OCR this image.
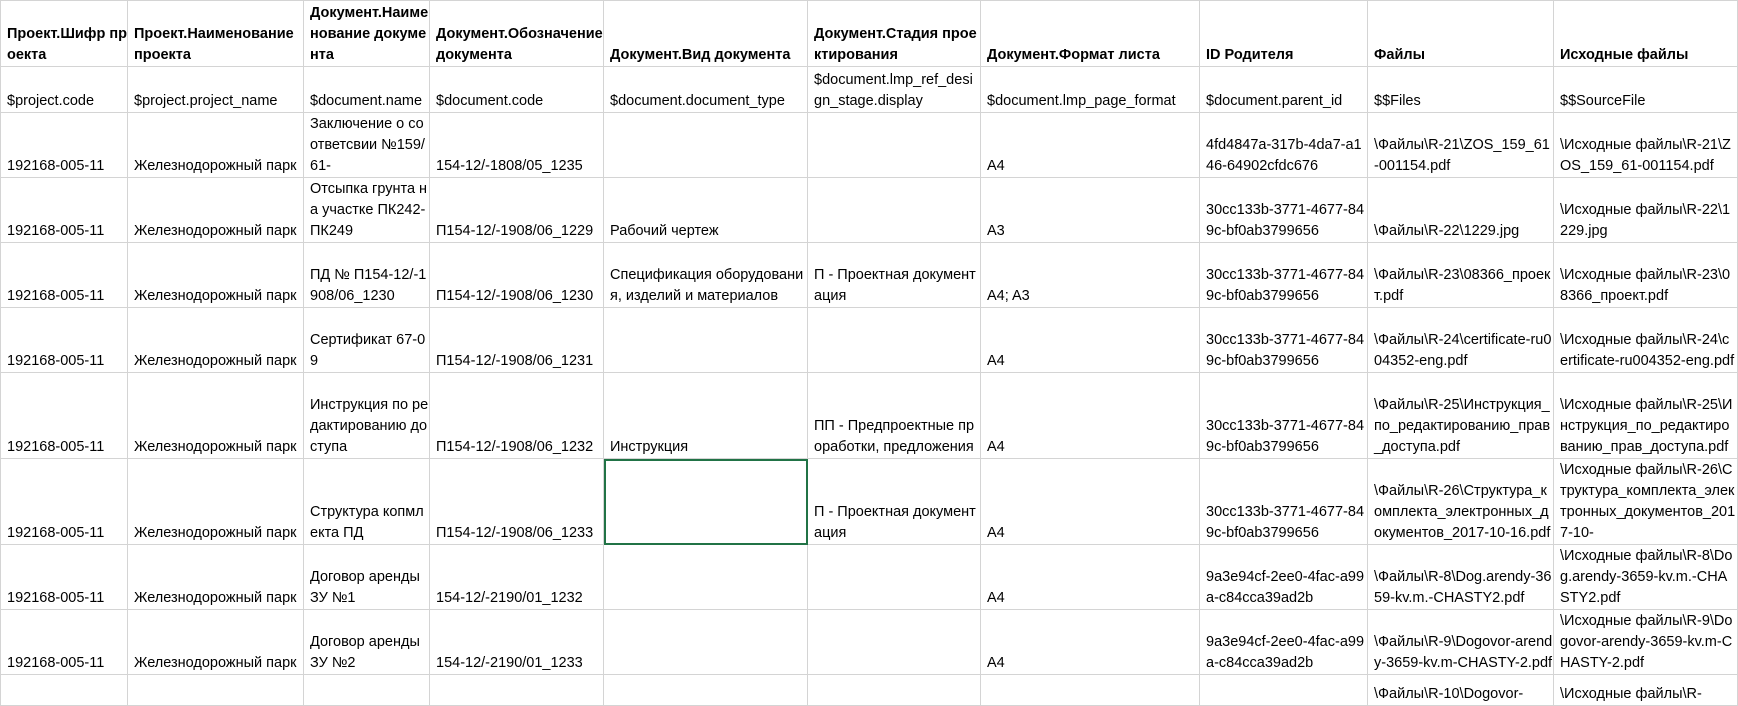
Проект.Шифр проекта	Проект.Наименование проекта	Документ.Наименование документа	Документ.Обозначение документа	Документ.Вид документа	Документ.Стадия проектирования	Документ.Формат листа	ID Родителя	Файлы	Исходные файлы

$project.code	$project.project_name	$document.name	$document.code	$document.document_type	$document.lmp_ref_design_stage.display	$document.lmp_page_format	$document.parent_id	$$Files	$$SourceFile

192168-005-11	Железнодорожный парк	Заключение о соответсвии №159/61-	154-12/-1808/05_1235			A4	4fd4847a-317b-4da7-a146-64902cfdc676	\Файлы\R-21\ZOS_159_61-001154.pdf	\Исходные файлы\R-21\ZOS_159_61-001154.pdf

192168-005-11	Железнодорожный парк	Отсыпка грунта на участке ПК242-ПК249	П154-12/-1908/06_1229	Рабочий чертеж		A3	30cc133b-3771-4677-849c-bf0ab3799656	\Файлы\R-22\1229.jpg	\Исходные файлы\R-22\1229.jpg

192168-005-11	Железнодорожный парк	ПД № П154-12/-1908/06_1230	П154-12/-1908/06_1230	Спецификация оборудования, изделий и материалов	П - Проектная документация	A4; A3	30cc133b-3771-4677-849c-bf0ab3799656	\Файлы\R-23\08366_проект.pdf	\Исходные файлы\R-23\08366_проект.pdf

192168-005-11	Железнодорожный парк	Сертификат 67-09	П154-12/-1908/06_1231			A4	30cc133b-3771-4677-849c-bf0ab3799656	\Файлы\R-24\certificate-ru004352-eng.pdf	\Исходные файлы\R-24\certificate-ru004352-eng.pdf

192168-005-11	Железнодорожный парк	Инструкция по редактированию доступа	П154-12/-1908/06_1232	Инструкция	ПП - Предпроектные проработки, предложения	A4	30cc133b-3771-4677-849c-bf0ab3799656	\Файлы\R-25\Инструкция_по_редактированию_прав_доступа.pdf	\Исходные файлы\R-25\Инструкция_по_редактированию_прав_доступа.pdf

192168-005-11	Железнодорожный парк	Структура копмлекта ПД	П154-12/-1908/06_1233		П - Проектная документация	A4	30cc133b-3771-4677-849c-bf0ab3799656	\Файлы\R-26\Структура_комплекта_электронных_документов_2017-10-16.pdf	\Исходные файлы\R-26\Структура_комплекта_электронных_документов_2017-10-

192168-005-11	Железнодорожный парк	Договор аренды ЗУ №1	154-12/-2190/01_1232			A4	9a3e94cf-2ee0-4fac-a99a-c84cca39ad2b	\Файлы\R-8\Dog.arendy-3659-kv.m.-CHASTY2.pdf	\Исходные файлы\R-8\Dog.arendy-3659-kv.m.-CHASTY2.pdf

192168-005-11	Железнодорожный парк	Договор аренды ЗУ №2	154-12/-2190/01_1233			A4	9a3e94cf-2ee0-4fac-a99a-c84cca39ad2b	\Файлы\R-9\Dogovor-arendy-3659-kv.m-CHASTY-2.pdf	\Исходные файлы\R-9\Dogovor-arendy-3659-kv.m-CHASTY-2.pdf

								\Файлы\R-10\Dogovor-	\Исходные файлы\R-
